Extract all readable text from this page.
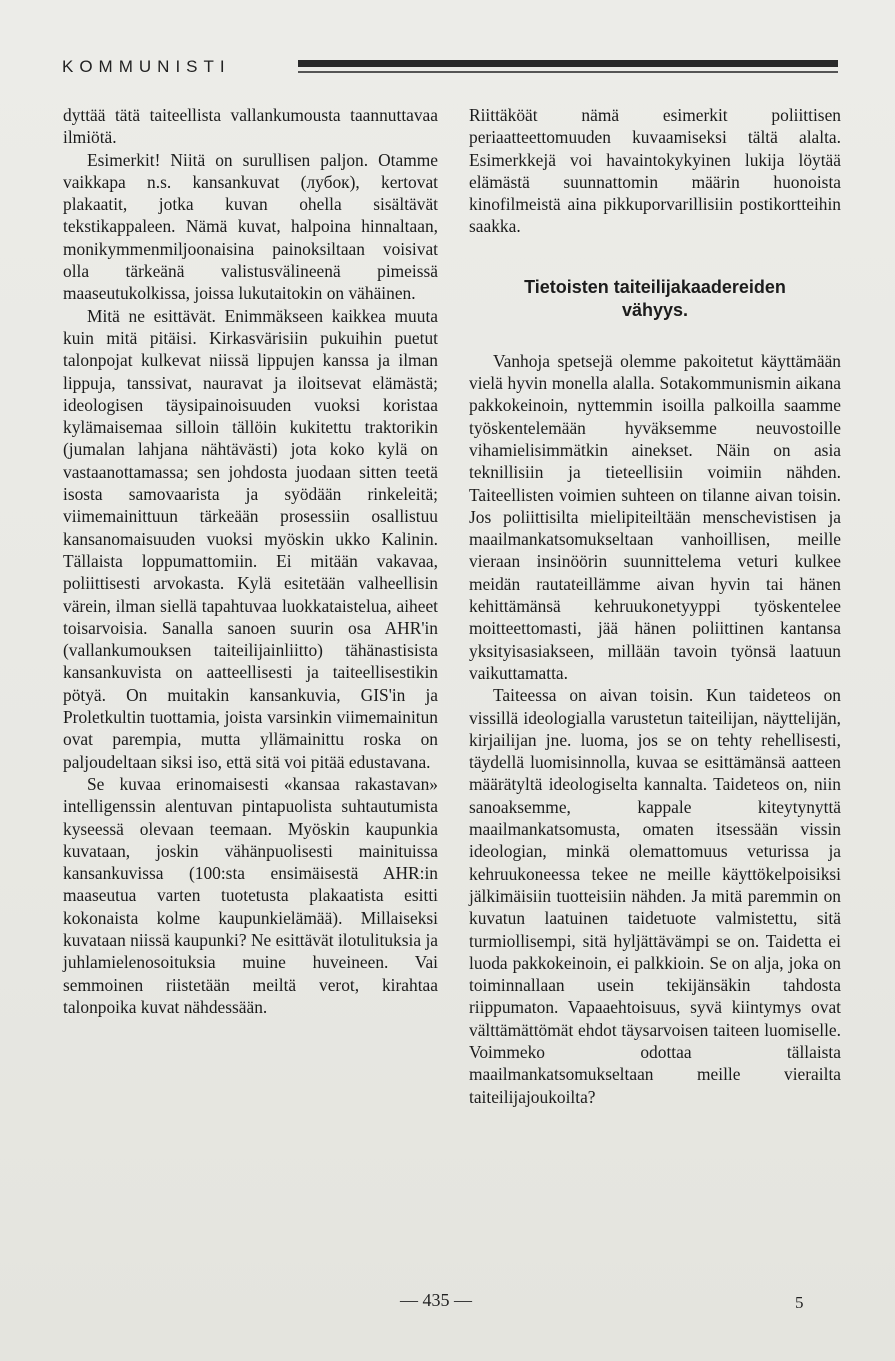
KOMMUNISTI

dyttää tätä taiteellista vallankumousta taannuttavaa ilmiötä.

Esimerkit! Niitä on surullisen paljon. Otamme vaikkapa n.s. kansankuvat (лубок), kertovat plakaatit, jotka kuvan ohella sisältävät tekstikappaleen. Nämä kuvat, halpoina hinnaltaan, monikymmenmiljoonaisina painoksiltaan voisivat olla tärkeänä valistusvälineenä pimeissä maaseutukolkissa, joissa lukutaitokin on vähäinen.

Mitä ne esittävät. Enimmäkseen kaikkea muuta kuin mitä pitäisi. Kirkasvärisiin pukuihin puetut talonpojat kulkevat niissä lippujen kanssa ja ilman lippuja, tanssivat, nauravat ja iloitsevat elämästä; ideologisen täysipainoisuuden vuoksi koristaa kylämaisemaa silloin tällöin kukitettu traktorikin (jumalan lahjana nähtävästi) jota koko kylä on vastaanottamassa; sen johdosta juodaan sitten teetä isosta samovaarista ja syödään rinkeleitä; viimemainittuun tärkeään prosessiin osallistuu kansanomaisuuden vuoksi myöskin ukko Kalinin. Tällaista loppumattomiin. Ei mitään vakavaa, poliittisesti arvokasta. Kylä esitetään valheellisin värein, ilman siellä tapahtuvaa luokkataistelua, aiheet toisarvoisia. Sanalla sanoen suurin osa AHR'in (vallankumouksen taiteilijainliitto) tähänastisista kansankuvista on aatteellisesti ja taiteellisestikin pötyä. On muitakin kansankuvia, GIS'in ja Proletkultin tuottamia, joista varsinkin viimemainitun ovat parempia, mutta yllämainittu roska on paljoudeltaan siksi iso, että sitä voi pitää edustavana.

Se kuvaa erinomaisesti «kansaa rakastavan» intelligenssin alentuvan pintapuolista suhtautumista kyseessä olevaan teemaan. Myöskin kaupunkia kuvataan, joskin vähänpuolisesti mainituissa kansankuvissa (100:sta ensimäisestä AHR:in maaseutua varten tuotetusta plakaatista esitti kokonaista kolme kaupunkielämää). Millaiseksi kuvataan niissä kaupunki? Ne esittävät ilotulituksia ja juhlamielenosoituksia muine huveineen. Vai semmoinen riistetään meiltä verot, kirahtaa talonpoika kuvat nähdessään.

Riittäköät nämä esimerkit poliittisen periaatteettomuuden kuvaamiseksi tältä alalta. Esimerkkejä voi havaintokykyinen lukija löytää elämästä suunnattomin määrin huonoista kinofilmeistä aina pikkuporvarillisiin postikortteihin saakka.

Tietoisten taiteilijakaadereiden
vähyys.

Vanhoja spetsejä olemme pakoitetut käyttämään vielä hyvin monella alalla. Sotakommunismin aikana pakkokeinoin, nyttemmin isoilla palkoilla saamme työskentelemään hyväksemme neuvostoille vihamielisimmätkin ainekset. Näin on asia teknillisiin ja tieteellisiin voimiin nähden. Taiteellisten voimien suhteen on tilanne aivan toisin. Jos poliittisilta mielipiteiltään menschevistisen ja maailmankatsomukseltaan vanhoillisen, meille vieraan insinöörin suunnittelema veturi kulkee meidän rautateillämme aivan hyvin tai hänen kehittämänsä kehruukonetyyppi työskentelee moitteettomasti, jää hänen poliittinen kantansa yksityisasiakseen, millään tavoin työnsä laatuun vaikuttamatta.

Taiteessa on aivan toisin. Kun taideteos on vissillä ideologialla varustetun taiteilijan, näyttelijän, kirjailijan jne. luoma, jos se on tehty rehellisesti, täydellä luomisinnolla, kuvaa se esittämänsä aatteen määrätyltä ideologiselta kannalta. Taideteos on, niin sanoaksemme, kappale kiteytynyttä maailmankatsomusta, omaten itsessään vissin ideologian, minkä olemattomuus veturissa ja kehruukoneessa tekee ne meille käyttökelpoisiksi jälkimäisiin tuotteisiin nähden. Ja mitä paremmin on kuvatun laatuinen taidetuote valmistettu, sitä turmiollisempi, sitä hyljättävämpi se on. Taidetta ei luoda pakkokeinoin, ei palkkioin. Se on alja, joka on toiminnallaan usein tekijänsäkin tahdosta riippumaton. Vapaaehtoisuus, syvä kiintymys ovat välttämättömät ehdot täysarvoisen taiteen luomiselle. Voimmeko odottaa tällaista maailmankatsomukseltaan meille vierailta taiteilijajoukoilta?

— 435 —	5
